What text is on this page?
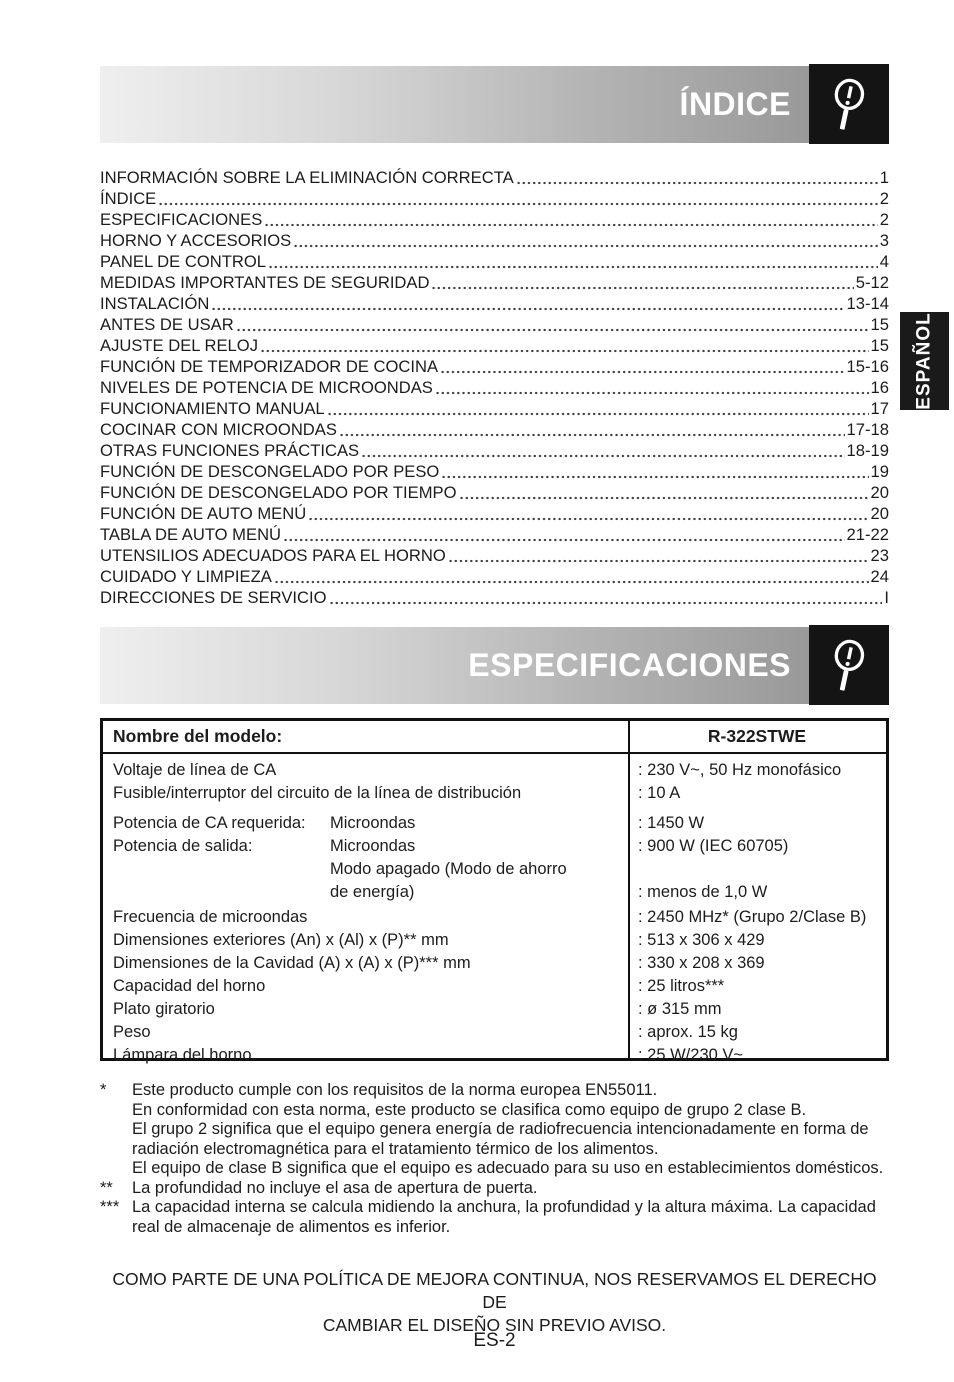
ÍNDICE
INFORMACIÓN SOBRE LA ELIMINACIÓN CORRECTA	1
ÍNDICE	2
ESPECIFICACIONES	2
HORNO Y ACCESORIOS	3
PANEL DE CONTROL	4
MEDIDAS IMPORTANTES DE SEGURIDAD	5-12
INSTALACIÓN	13-14
ANTES DE USAR	15
AJUSTE DEL RELOJ	15
FUNCIÓN DE TEMPORIZADOR DE COCINA	15-16
NIVELES DE POTENCIA DE MICROONDAS	16
FUNCIONAMIENTO MANUAL	17
COCINAR CON MICROONDAS	17-18
OTRAS FUNCIONES PRÁCTICAS	18-19
FUNCIÓN DE DESCONGELADO POR PESO	19
FUNCIÓN DE DESCONGELADO POR TIEMPO	20
FUNCIÓN DE AUTO MENÚ	20
TABLA DE AUTO MENÚ	21-22
UTENSILIOS ADECUADOS PARA EL HORNO	23
CUIDADO Y LIMPIEZA	24
DIRECCIONES DE SERVICIO	I
ESPAÑOL
ESPECIFICACIONES
Nombre del modelo:	R-322STWE
Voltaje de línea de CA	: 230 V~, 50 Hz monofásico
Fusible/interruptor del circuito de la línea de distribución	: 10 A
Potencia de CA requerida:	Microondas	: 1450 W
Potencia de salida:	Microondas	: 900 W (IEC 60705)
Modo apagado (Modo de ahorro
de energía)	: menos de 1,0 W
Frecuencia de microondas	: 2450 MHz* (Grupo 2/Clase B)
Dimensiones exteriores (An) x (Al) x (P)** mm	: 513 x 306 x 429
Dimensiones de la Cavidad (A) x (A) x (P)*** mm	: 330 x 208 x 369
Capacidad del horno	: 25 litros***
Plato giratorio	: ø 315 mm
Peso	: aprox. 15 kg
Lámpara del horno	: 25 W/230 V~
*	Este producto cumple con los requisitos de la norma europea EN55011.
En conformidad con esta norma, este producto se clasifica como equipo de grupo 2 clase B.
El grupo 2 significa que el equipo genera energía de radiofrecuencia intencionadamente en forma de radiación electromagnética para el tratamiento térmico de los alimentos.
El equipo de clase B significa que el equipo es adecuado para su uso en establecimientos domésticos.
**	La profundidad no incluye el asa de apertura de puerta.
*** La capacidad interna se calcula midiendo la anchura, la profundidad y la altura máxima. La capacidad real de almacenaje de alimentos es inferior.
COMO PARTE DE UNA POLÍTICA DE MEJORA CONTINUA, NOS RESERVAMOS EL DERECHO DE
CAMBIAR EL DISEÑO SIN PREVIO AVISO.
ES-2
